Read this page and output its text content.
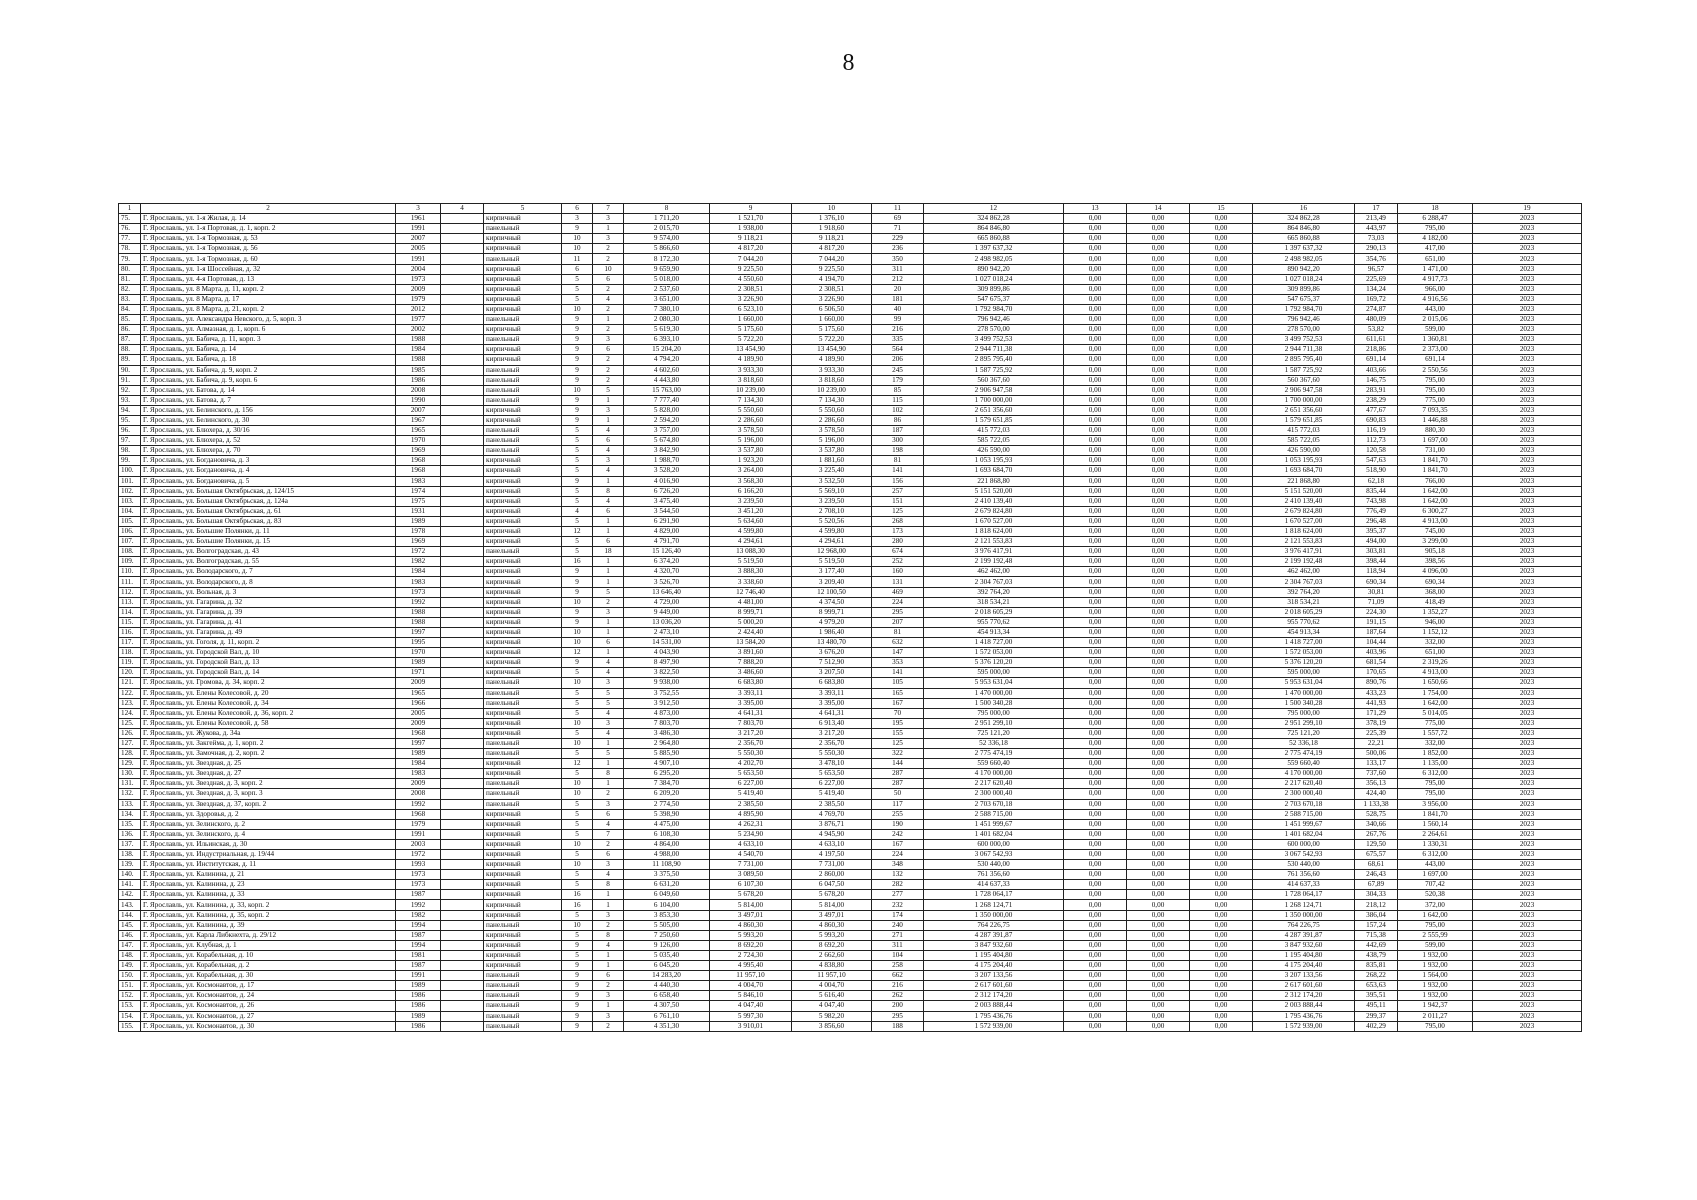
8
1	2	3	4	5	6	7	8	9	10	11	12	13	14	15	16	17	18	19
75.	Г. Ярославль, ул. 1-я Жилая, д. 14	1961		кирпичный	3	3	1 711,20	1 521,70	1 376,10	69	324 862,28	0,00	0,00	0,00	324 862,28	213,49	6 288,47	2023
76.	Г. Ярославль, ул. 1-я Портовая, д. 1, корп. 2	1991		панельный	9	1	2 015,70	1 938,00	1 918,60	71	864 846,80	0,00	0,00	0,00	864 846,80	443,97	795,00	2023
77.	Г. Ярославль, ул. 1-я Тормозная, д. 53	2007		кирпичный	10	3	9 574,00	9 118,21	9 118,21	229	665 860,88	0,00	0,00	0,00	665 860,88	73,03	4 182,00	2023
78.	Г. Ярославль, ул. 1-я Тормозная, д. 56	2005		кирпичный	10	2	5 866,60	4 817,20	4 817,20	236	1 397 637,32	0,00	0,00	0,00	1 397 637,32	290,13	417,00	2023
79.	Г. Ярославль, ул. 1-я Тормозная, д. 60	1991		панельный	11	2	8 172,30	7 044,20	7 044,20	350	2 498 982,05	0,00	0,00	0,00	2 498 982,05	354,76	651,00	2023
80.	Г. Ярославль, ул. 1-я Шоссейная, д. 32	2004		кирпичный	6	10	9 659,90	9 225,50	9 225,50	311	890 942,20	0,00	0,00	0,00	890 942,20	96,57	1 471,00	2023
81.	Г. Ярославль, ул. 4-я Портовая, д. 13	1973		кирпичный	5	6	5 018,00	4 550,60	4 194,70	212	1 027 018,24	0,00	0,00	0,00	1 027 018,24	225,69	4 917,73	2023
82.	Г. Ярославль, ул. 8 Марта, д. 11, корп. 2	2009		кирпичный	5	2	2 537,60	2 308,51	2 308,51	20	309 899,86	0,00	0,00	0,00	309 899,86	134,24	966,00	2023
83.	Г. Ярославль, ул. 8 Марта, д. 17	1979		кирпичный	5	4	3 651,00	3 226,90	3 226,90	181	547 675,37	0,00	0,00	0,00	547 675,37	169,72	4 916,56	2023
84.	Г. Ярославль, ул. 8 Марта, д. 21, корп. 2	2012		кирпичный	10	2	7 380,10	6 523,10	6 506,50	40	1 792 984,70	0,00	0,00	0,00	1 792 984,70	274,87	443,00	2023
85.	Г. Ярославль, ул. Александра Невского, д. 5, корп. 3	1977		панельный	9	1	2 080,30	1 660,00	1 660,00	99	796 942,46	0,00	0,00	0,00	796 942,46	480,09	2 015,06	2023
86.	Г. Ярославль, ул. Алмазная, д. 1, корп. 6	2002		кирпичный	9	2	5 619,30	5 175,60	5 175,60	216	278 570,00	0,00	0,00	0,00	278 570,00	53,82	599,00	2023
87.	Г. Ярославль, ул. Бабича, д. 11, корп. 3	1988		панельный	9	3	6 393,10	5 722,20	5 722,20	335	3 499 752,53	0,00	0,00	0,00	3 499 752,53	611,61	1 360,81	2023
88.	Г. Ярославль, ул. Бабича, д. 14	1984		кирпичный	9	6	15 204,20	13 454,90	13 454,90	564	2 944 711,38	0,00	0,00	0,00	2 944 711,38	218,86	2 373,00	2023
89.	Г. Ярославль, ул. Бабича, д. 18	1988		кирпичный	9	2	4 794,20	4 189,90	4 189,90	206	2 895 795,40	0,00	0,00	0,00	2 895 795,40	691,14	691,14	2023
90.	Г. Ярославль, ул. Бабича, д. 9, корп. 2	1985		панельный	9	2	4 602,60	3 933,30	3 933,30	245	1 587 725,92	0,00	0,00	0,00	1 587 725,92	403,66	2 550,56	2023
91.	Г. Ярославль, ул. Бабича, д. 9, корп. 6	1986		панельный	9	2	4 443,80	3 818,60	3 818,60	179	560 367,60	0,00	0,00	0,00	560 367,60	146,75	795,00	2023
92.	Г. Ярославль, ул. Батова, д. 14	2008		панельный	10	5	15 763,00	10 239,00	10 239,00	85	2 906 947,58	0,00	0,00	0,00	2 906 947,58	283,91	795,00	2023
93.	Г. Ярославль, ул. Батова, д. 7	1990		панельный	9	1	7 777,40	7 134,30	7 134,30	115	1 700 000,00	0,00	0,00	0,00	1 700 000,00	238,29	775,00	2023
94.	Г. Ярославль, ул. Белинского, д. 156	2007		кирпичный	9	3	5 828,00	5 550,60	5 550,60	102	2 651 356,60	0,00	0,00	0,00	2 651 356,60	477,67	7 093,35	2023
95.	Г. Ярославль, ул. Белинского, д. 30	1967		кирпичный	9	1	2 594,20	2 286,60	2 286,60	86	1 579 651,85	0,00	0,00	0,00	1 579 651,85	690,83	1 446,88	2023
96.	Г. Ярославль, ул. Блюхера, д. 30/16	1965		панельный	5	4	3 757,00	3 578,50	3 578,50	187	415 772,03	0,00	0,00	0,00	415 772,03	116,19	880,30	2023
97.	Г. Ярославль, ул. Блюхера, д. 52	1970		панельный	5	6	5 674,80	5 196,00	5 196,00	300	585 722,05	0,00	0,00	0,00	585 722,05	112,73	1 697,00	2023
98.	Г. Ярославль, ул. Блюхера, д. 70	1969		панельный	5	4	3 842,90	3 537,80	3 537,80	198	426 590,00	0,00	0,00	0,00	426 590,00	120,58	731,00	2023
99.	Г. Ярославль, ул. Богдановича, д. 3	1968		кирпичный	5	3	1 988,70	1 923,20	1 881,60	81	1 053 195,93	0,00	0,00	0,00	1 053 195,93	547,63	1 841,70	2023
100.	Г. Ярославль, ул. Богдановича, д. 4	1968		кирпичный	5	4	3 528,20	3 264,00	3 225,40	141	1 693 684,70	0,00	0,00	0,00	1 693 684,70	518,90	1 841,70	2023
101.	Г. Ярославль, ул. Богдановича, д. 5	1983		кирпичный	9	1	4 016,90	3 568,30	3 532,50	156	221 868,80	0,00	0,00	0,00	221 868,80	62,18	766,00	2023
102.	Г. Ярославль, ул. Большая Октябрьская, д. 124/15	1974		кирпичный	5	8	6 726,20	6 166,20	5 569,10	257	5 151 520,00	0,00	0,00	0,00	5 151 520,00	835,44	1 642,00	2023
103.	Г. Ярославль, ул. Большая Октябрьская, д. 124а	1975		кирпичный	5	4	3 475,40	3 239,50	3 239,50	151	2 410 139,40	0,00	0,00	0,00	2 410 139,40	743,98	1 642,00	2023
104.	Г. Ярославль, ул. Большая Октябрьская, д. 61	1931		кирпичный	4	6	3 544,50	3 451,20	2 708,10	125	2 679 824,80	0,00	0,00	0,00	2 679 824,80	776,49	6 300,27	2023
105.	Г. Ярославль, ул. Большая Октябрьская, д. 83	1989		кирпичный	5	1	6 291,90	5 634,60	5 520,56	268	1 670 527,00	0,00	0,00	0,00	1 670 527,00	296,48	4 913,00	2023
106.	Г. Ярославль, ул. Большие Полянки, д. 11	1978		кирпичный	12	1	4 829,00	4 599,80	4 599,80	173	1 818 624,00	0,00	0,00	0,00	1 818 624,00	395,37	745,00	2023
107.	Г. Ярославль, ул. Большие Полянки, д. 15	1969		кирпичный	5	6	4 791,70	4 294,61	4 294,61	280	2 121 553,83	0,00	0,00	0,00	2 121 553,83	494,00	3 299,00	2023
108.	Г. Ярославль, ул. Волгоградская, д. 43	1972		панельный	5	18	15 126,40	13 088,30	12 968,00	674	3 976 417,91	0,00	0,00	0,00	3 976 417,91	303,81	905,18	2023
109.	Г. Ярославль, ул. Волгоградская, д. 55	1982		кирпичный	16	1	6 374,20	5 519,50	5 519,50	252	2 199 192,48	0,00	0,00	0,00	2 199 192,48	398,44	398,56	2023
110.	Г. Ярославль, ул. Володарского, д. 7	1984		кирпичный	9	1	4 320,70	3 888,30	3 177,40	160	462 462,00	0,00	0,00	0,00	462 462,00	118,94	4 096,00	2023
111.	Г. Ярославль, ул. Володарского, д. 8	1983		кирпичный	9	1	3 526,70	3 338,60	3 209,40	131	2 304 767,03	0,00	0,00	0,00	2 304 767,03	690,34	690,34	2023
112.	Г. Ярославль, ул. Вольная, д. 3	1973		кирпичный	9	5	13 646,40	12 746,40	12 100,50	469	392 764,20	0,00	0,00	0,00	392 764,20	30,81	368,00	2023
113.	Г. Ярославль, ул. Гагарина, д. 32	1992		кирпичный	10	2	4 729,00	4 481,00	4 374,50	224	318 534,21	0,00	0,00	0,00	318 534,21	71,09	418,49	2023
114.	Г. Ярославль, ул. Гагарина, д. 39	1988		кирпичный	9	3	9 449,00	8 999,71	8 999,71	295	2 018 605,29	0,00	0,00	0,00	2 018 605,29	224,30	1 352,27	2023
115.	Г. Ярославль, ул. Гагарина, д. 41	1988		кирпичный	9	1	13 036,20	5 000,20	4 979,20	207	955 770,62	0,00	0,00	0,00	955 770,62	191,15	946,00	2023
116.	Г. Ярославль, ул. Гагарина, д. 49	1997		кирпичный	10	1	2 473,10	2 424,40	1 986,40	81	454 913,34	0,00	0,00	0,00	454 913,34	187,64	1 152,12	2023
117.	Г. Ярославль, ул. Гоголя, д. 11, корп. 2	1995		кирпичный	10	6	14 531,00	13 584,20	13 480,70	632	1 418 727,00	0,00	0,00	0,00	1 418 727,00	104,44	332,00	2023
118.	Г. Ярославль, ул. Городской Вал, д. 10	1970		кирпичный	12	1	4 043,90	3 891,60	3 676,20	147	1 572 053,00	0,00	0,00	0,00	1 572 053,00	403,96	651,00	2023
119.	Г. Ярославль, ул. Городской Вал, д. 13	1989		кирпичный	9	4	8 497,90	7 888,20	7 512,90	353	5 376 120,20	0,00	0,00	0,00	5 376 120,20	681,54	2 319,26	2023
120.	Г. Ярославль, ул. Городской Вал, д. 14	1971		кирпичный	5	4	3 822,50	3 486,60	3 207,50	141	595 000,00	0,00	0,00	0,00	595 000,00	170,65	4 913,00	2023
121.	Г. Ярославль, ул. Громова, д. 34, корп. 2	2009		панельный	10	3	9 938,00	6 683,80	6 683,80	105	5 953 631,04	0,00	0,00	0,00	5 953 631,04	890,76	1 650,66	2023
122.	Г. Ярославль, ул. Елены Колесовой, д. 20	1965		панельный	5	5	3 752,55	3 393,11	3 393,11	165	1 470 000,00	0,00	0,00	0,00	1 470 000,00	433,23	1 754,00	2023
123.	Г. Ярославль, ул. Елены Колесовой, д. 34	1966		панельный	5	5	3 912,50	3 395,00	3 395,00	167	1 500 340,28	0,00	0,00	0,00	1 500 340,28	441,93	1 642,00	2023
124.	Г. Ярославль, ул. Елены Колесовой, д. 36, корп. 2	2005		кирпичный	5	4	4 873,00	4 641,31	4 641,31	70	795 000,00	0,00	0,00	0,00	795 000,00	171,29	5 014,05	2023
125.	Г. Ярославль, ул. Елены Колесовой, д. 58	2009		кирпичный	10	3	7 803,70	7 803,70	6 913,40	195	2 951 299,10	0,00	0,00	0,00	2 951 299,10	378,19	775,00	2023
126.	Г. Ярославль, ул. Жукова, д. 34а	1968		кирпичный	5	4	3 486,30	3 217,20	3 217,20	155	725 121,20	0,00	0,00	0,00	725 121,20	225,39	1 557,72	2023
127.	Г. Ярославль, ул. Закгейма, д. 1, корп. 2	1997		панельный	10	1	2 964,80	2 356,70	2 356,70	125	52 336,18	0,00	0,00	0,00	52 336,18	22,21	332,00	2023
128.	Г. Ярославль, ул. Замочная, д. 2, корп. 2	1989		панельный	5	5	5 885,90	5 550,30	5 550,30	322	2 775 474,19	0,00	0,00	0,00	2 775 474,19	500,06	1 852,00	2023
129.	Г. Ярославль, ул. Звездная, д. 25	1984		кирпичный	12	1	4 907,10	4 202,70	3 478,10	144	559 660,40	0,00	0,00	0,00	559 660,40	133,17	1 135,00	2023
130.	Г. Ярославль, ул. Звездная, д. 27	1983		кирпичный	5	8	6 295,20	5 653,50	5 653,50	287	4 170 000,00	0,00	0,00	0,00	4 170 000,00	737,60	6 312,00	2023
131.	Г. Ярославль, ул. Звездная, д. 3, корп. 2	2009		панельный	10	1	7 384,70	6 227,00	6 227,00	287	2 217 620,40	0,00	0,00	0,00	2 217 620,40	356,13	795,00	2023
132.	Г. Ярославль, ул. Звездная, д. 3, корп. 3	2008		панельный	10	2	6 209,20	5 419,40	5 419,40	50	2 300 000,40	0,00	0,00	0,00	2 300 000,40	424,40	795,00	2023
133.	Г. Ярославль, ул. Звездная, д. 37, корп. 2	1992		панельный	5	3	2 774,50	2 385,50	2 385,50	117	2 703 670,18	0,00	0,00	0,00	2 703 670,18	1 133,38	3 956,00	2023
134.	Г. Ярославль, ул. Здоровья, д. 2	1968		кирпичный	5	6	5 398,90	4 895,90	4 769,70	255	2 588 715,00	0,00	0,00	0,00	2 588 715,00	528,75	1 841,70	2023
135.	Г. Ярославль, ул. Зелинского, д. 2	1979		кирпичный	5	4	4 475,00	4 262,31	3 876,71	190	1 451 999,67	0,00	0,00	0,00	1 451 999,67	340,66	1 560,14	2023
136.	Г. Ярославль, ул. Зелинского, д. 4	1991		кирпичный	5	7	6 108,30	5 234,90	4 945,90	242	1 401 682,04	0,00	0,00	0,00	1 401 682,04	267,76	2 264,61	2023
137.	Г. Ярославль, ул. Ильинская, д. 30	2003		кирпичный	10	2	4 864,00	4 633,10	4 633,10	167	600 000,00	0,00	0,00	0,00	600 000,00	129,50	1 330,31	2023
138.	Г. Ярославль, ул. Индустриальная, д. 19/44	1972		кирпичный	5	6	4 988,00	4 540,70	4 197,50	224	3 067 542,93	0,00	0,00	0,00	3 067 542,93	675,57	6 312,00	2023
139.	Г. Ярославль, ул. Институтская, д. 11	1993		кирпичный	10	3	11 108,90	7 731,00	7 731,00	348	530 440,00	0,00	0,00	0,00	530 440,00	68,61	443,00	2023
140.	Г. Ярославль, ул. Калинина, д. 21	1973		кирпичный	5	4	3 375,50	3 089,50	2 860,00	132	761 356,60	0,00	0,00	0,00	761 356,60	246,43	1 697,00	2023
141.	Г. Ярославль, ул. Калинина, д. 23	1973		кирпичный	5	8	6 631,20	6 107,30	6 047,50	282	414 637,33	0,00	0,00	0,00	414 637,33	67,89	707,42	2023
142.	Г. Ярославль, ул. Калинина, д. 33	1987		кирпичный	16	1	6 049,60	5 678,20	5 678,20	277	1 728 064,17	0,00	0,00	0,00	1 728 064,17	304,33	520,38	2023
143.	Г. Ярославль, ул. Калинина, д. 33, корп. 2	1992		кирпичный	16	1	6 104,00	5 814,00	5 814,00	232	1 268 124,71	0,00	0,00	0,00	1 268 124,71	218,12	372,00	2023
144.	Г. Ярославль, ул. Калинина, д. 35, корп. 2	1982		кирпичный	5	3	3 853,30	3 497,01	3 497,01	174	1 350 000,00	0,00	0,00	0,00	1 350 000,00	386,04	1 642,00	2023
145.	Г. Ярославль, ул. Калинина, д. 39	1994		панельный	10	2	5 505,00	4 860,30	4 860,30	240	764 226,75	0,00	0,00	0,00	764 226,75	157,24	795,00	2023
146.	Г. Ярославль, ул. Карла Либкнехта, д. 29/12	1987		кирпичный	5	8	7 250,60	5 993,20	5 993,20	271	4 287 391,87	0,00	0,00	0,00	4 287 391,87	715,38	2 555,99	2023
147.	Г. Ярославль, ул. Клубная, д. 1	1994		кирпичный	9	4	9 126,00	8 692,20	8 692,20	311	3 847 932,60	0,00	0,00	0,00	3 847 932,60	442,69	599,00	2023
148.	Г. Ярославль, ул. Корабельная, д. 10	1981		кирпичный	5	1	5 035,40	2 724,30	2 662,60	104	1 195 404,80	0,00	0,00	0,00	1 195 404,80	438,79	1 932,00	2023
149.	Г. Ярославль, ул. Корабельная, д. 2	1987		кирпичный	9	1	6 045,20	4 995,40	4 838,80	258	4 175 204,40	0,00	0,00	0,00	4 175 204,40	835,81	1 932,00	2023
150.	Г. Ярославль, ул. Корабельная, д. 30	1991		панельный	9	6	14 283,20	11 957,10	11 957,10	662	3 207 133,56	0,00	0,00	0,00	3 207 133,56	268,22	1 564,00	2023
151.	Г. Ярославль, ул. Космонавтов, д. 17	1989		панельный	9	2	4 440,30	4 004,70	4 004,70	216	2 617 601,60	0,00	0,00	0,00	2 617 601,60	653,63	1 932,00	2023
152.	Г. Ярославль, ул. Космонавтов, д. 24	1986		панельный	9	3	6 658,40	5 846,10	5 616,40	262	2 312 174,20	0,00	0,00	0,00	2 312 174,20	395,51	1 932,00	2023
153.	Г. Ярославль, ул. Космонавтов, д. 26	1986		панельный	9	1	4 307,50	4 047,40	4 047,40	200	2 003 888,44	0,00	0,00	0,00	2 003 888,44	495,11	1 942,37	2023
154.	Г. Ярославль, ул. Космонавтов, д. 27	1989		панельный	9	3	6 761,10	5 997,30	5 982,20	295	1 795 436,76	0,00	0,00	0,00	1 795 436,76	299,37	2 011,27	2023
155.	Г. Ярославль, ул. Космонавтов, д. 30	1986		панельный	9	2	4 351,30	3 910,01	3 856,60	188	1 572 939,00	0,00	0,00	0,00	1 572 939,00	402,29	795,00	2023
